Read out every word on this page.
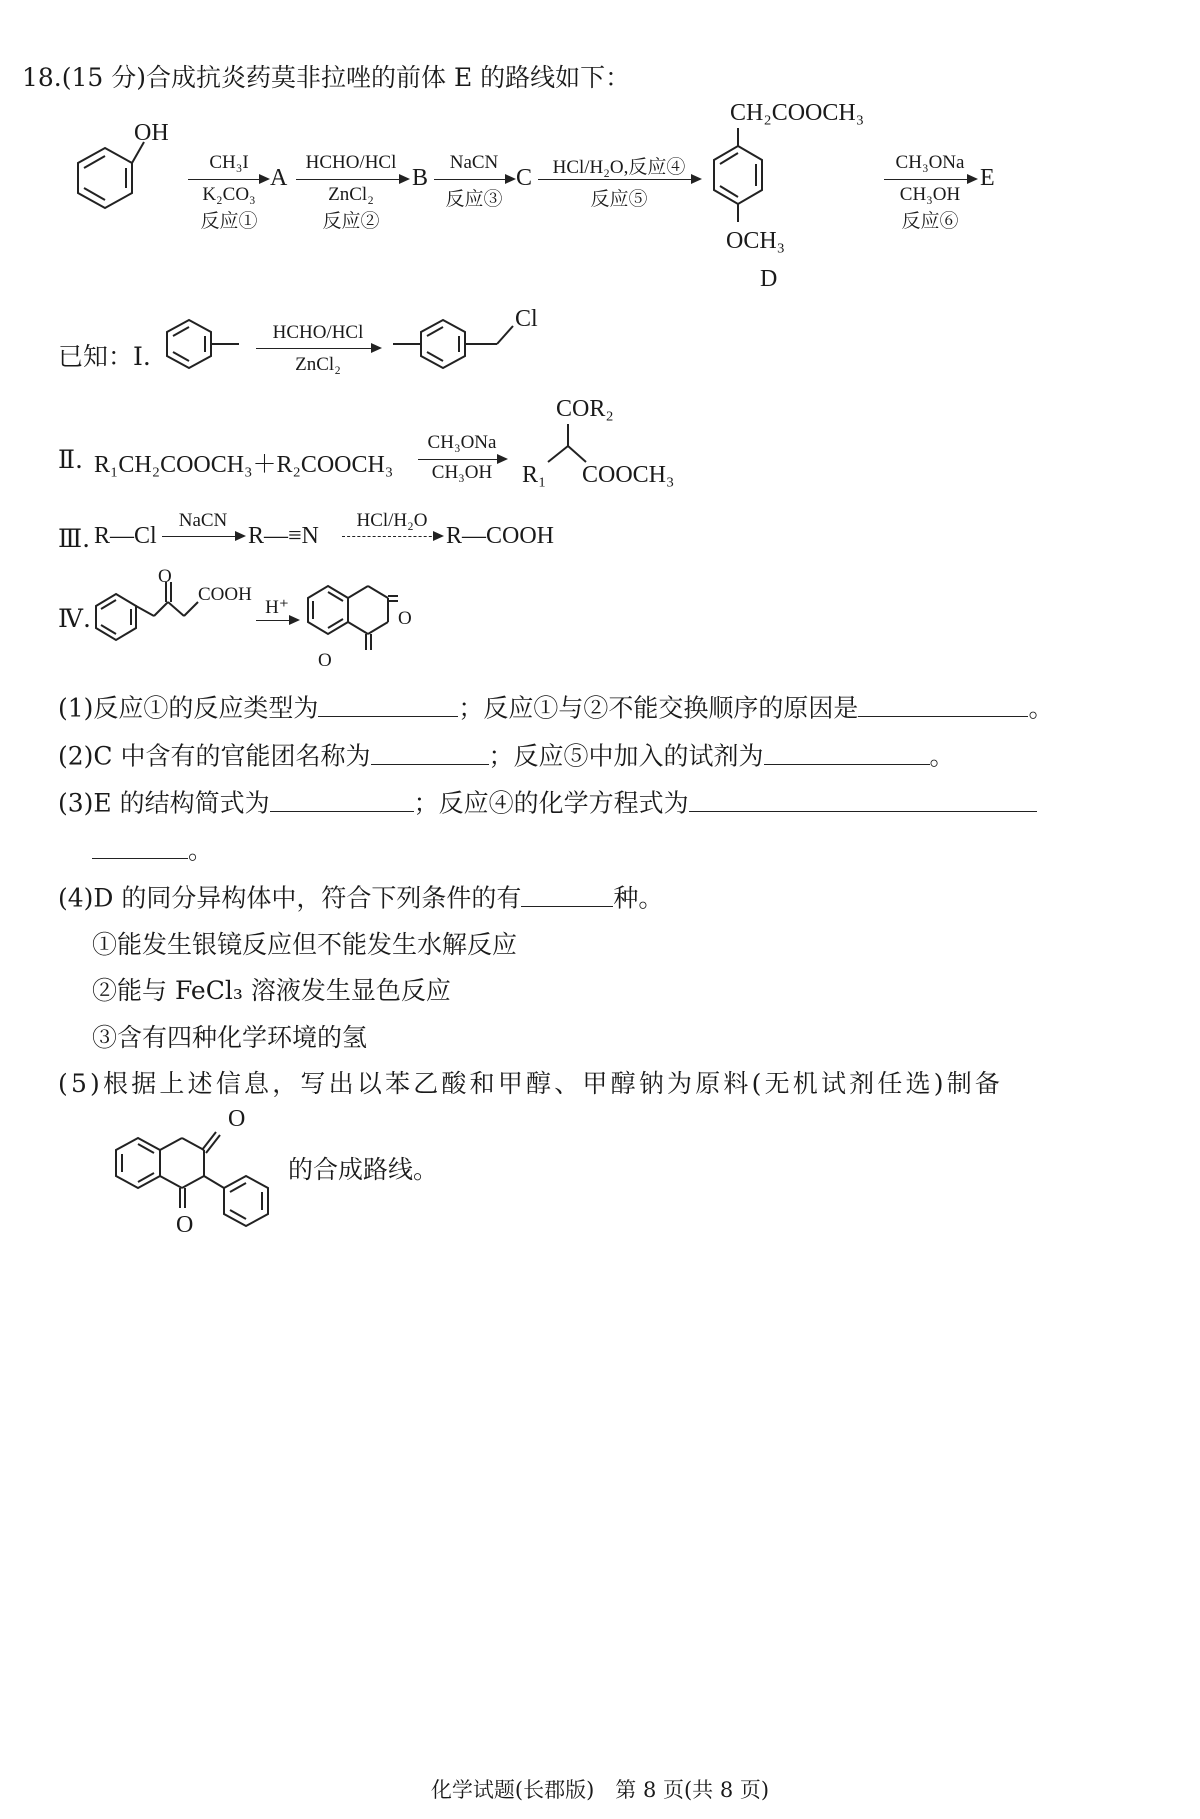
18.(15 分)合成抗炎药莫非拉唑的前体 E 的路线如下：
OH
CH₃I
K₂CO₃
反应①
A
HCHO/HCl
ZnCl₂
反应②
B
NaCN
反应③
C	HCl/H₂O,反应④
反应⑤
CH₂COOCH₃
OCH₃
D
CH₃ONa
CH₃OH
反应⑥
E
已知：Ⅰ.
HCHO/HCl
ZnCl₂
Cl
Ⅱ. R₁CH₂COOCH₃＋R₂COOCH₃
CH₃ONa
CH₃OH
COR₂
R₁ COOCH₃
Ⅲ. R—Cl
NaCN
R—≡N
HCl/H₂O
R—COOH
Ⅳ.
O
COOH
H⁺
O
O
(1)反应①的反应类型为	；反应①与②不能交换顺序的原因是	。
(2)C 中含有的官能团名称为	；反应⑤中加入的试剂为	。
(3)E 的结构简式为	；反应④的化学方程式为
。
(4)D 的同分异构体中，符合下列条件的有	种。
①能发生银镜反应但不能发生水解反应
②能与 FeCl₃ 溶液发生显色反应
③含有四种化学环境的氢
(5)根据上述信息，写出以苯乙酸和甲醇、甲醇钠为原料(无机试剂任选)制备
O
O
的合成路线。
化学试题(长郡版)　第 8 页(共 8 页)
